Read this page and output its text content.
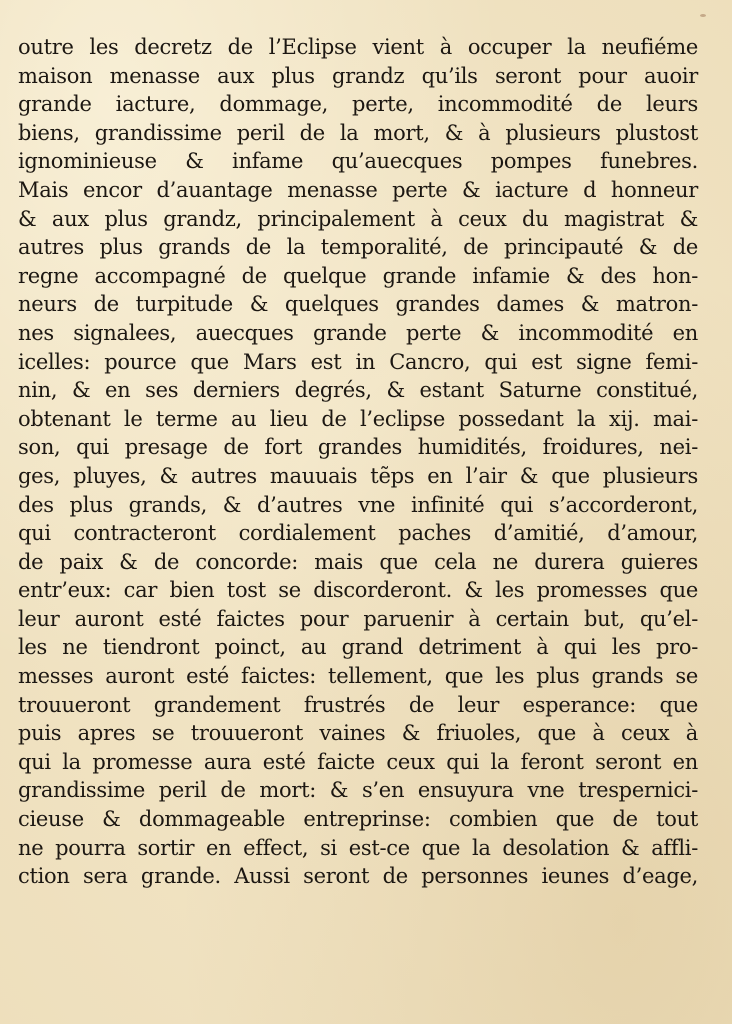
outre les decretz de l’Eclipse vient à occuper la neufiéme
maison menasse aux plus grandz qu’ils seront pour auoir
grande iacture, dommage, perte, incommodité de leurs
biens, grandissime peril de la mort, & à plusieurs plustost
ignominieuse & infame qu’auecques pompes funebres.
Mais encor d’auantage menasse perte & iacture d honneur
& aux plus grandz, principalement à ceux du magistrat &
autres plus grands de la temporalité, de principauté & de
regne accompagné de quelque grande infamie & des hon-
neurs de turpitude & quelques grandes dames & matron-
nes signalees, auecques grande perte & incommodité en
icelles: pource que Mars est in Cancro, qui est signe femi-
nin, & en ses derniers degrés, & estant Saturne constitué,
obtenant le terme au lieu de l’eclipse possedant la xij. mai-
son, qui presage de fort grandes humidités, froidures, nei-
ges, pluyes, & autres mauuais tẽps en l’air & que plusieurs
des plus grands, & d’autres vne infinité qui s’accorderont,
qui contracteront cordialement paches d’amitié, d’amour,
de paix & de concorde: mais que cela ne durera guieres
entr’eux: car bien tost se discorderont. & les promesses que
leur auront esté faictes pour paruenir à certain but, qu’el-
les ne tiendront poinct, au grand detriment à qui les pro-
messes auront esté faictes: tellement, que les plus grands se
trouueront grandement frustrés de leur esperance: que
puis apres se trouueront vaines & friuoles, que à ceux à
qui la promesse aura esté faicte ceux qui la feront seront en
grandissime peril de mort: & s’en ensuyura vne trespernici-
cieuse & dommageable entreprinse: combien que de tout
ne pourra sortir en effect, si est-ce que la desolation & affli-
ction sera grande. Aussi seront de personnes ieunes d’eage,
